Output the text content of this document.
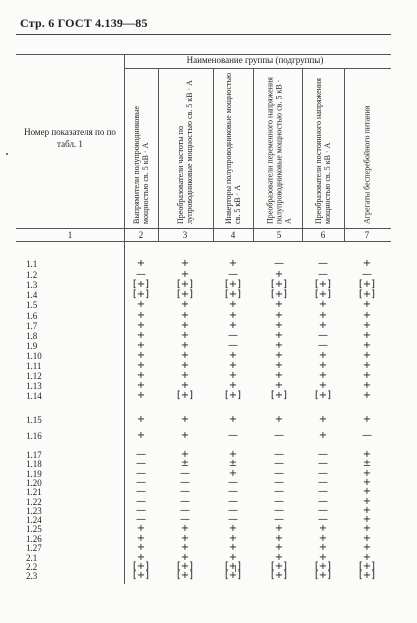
Стр. 6 ГОСТ 4.139—85
Наименование группы (подгруппы)
Номер показателя по по табл. 1	Выпрямители полупроводниковые мощностью св. 5 кВ · А	Преобразователи частоты по лупроводниковые мощностью св. 5 кВ · А	Инверторы полупроводниковые мощностью св. 5 кВ · А	Преобразователи переменного напряжения полупроводниковые мощностью св. 5 кВ · А	Преобразователи постоянного напряжения мощностью св. 5 кВ · А	Агрегаты бесперебойного питания
1	2	3	4	5	6	7
1.1	+	+	+	—	—	+
1.2	—	+	—	+	—	—
1.3	[+]	[+]	[+]	[+]	[+]	[+]
1.4	[+]	[+]	[+]	[+]	[+]	[+]
1.5	+	+	+	+	+	+
1.6	+	+	+	+	+	+
1.7	+	+	+	+	+	+
1.8	+	+	—	+	—	+
1.9	+	+	—	+	—	+
1.10	+	+	+	+	+	+
1.11	+	+	+	+	+	+
1.12	+	+	+	+	+	+
1.13	+	+	+	+	+	+
1.14	+	[+]	[+]	[+]	[+]	+
1.15	+	+	+	+	+	+
1.16	+	+	—	—	+	—
1.17	—	+	+	—	—	+
1.18	—	±	±	—	—	±
1.19	—	—	+	—	—	+
1.20	—	—	—	—	—	+
1.21	—	—	—	—	—	+
1.22	—	—	—	—	—	+
1.23	—	—	—	—	—	+
1.24	—	—	—	—	—	+
1.25	+	+	+	+	+	+
1.26	+	+	+	+	+	+
1.27	+	+	+	+	+	+
2.1	+	+	+	+	+	+
2.2	[+]	[+]	[+]	[+]	[+]	[+]
2.3	[+]	[+]	[+]	[+]	[+]	[+]
